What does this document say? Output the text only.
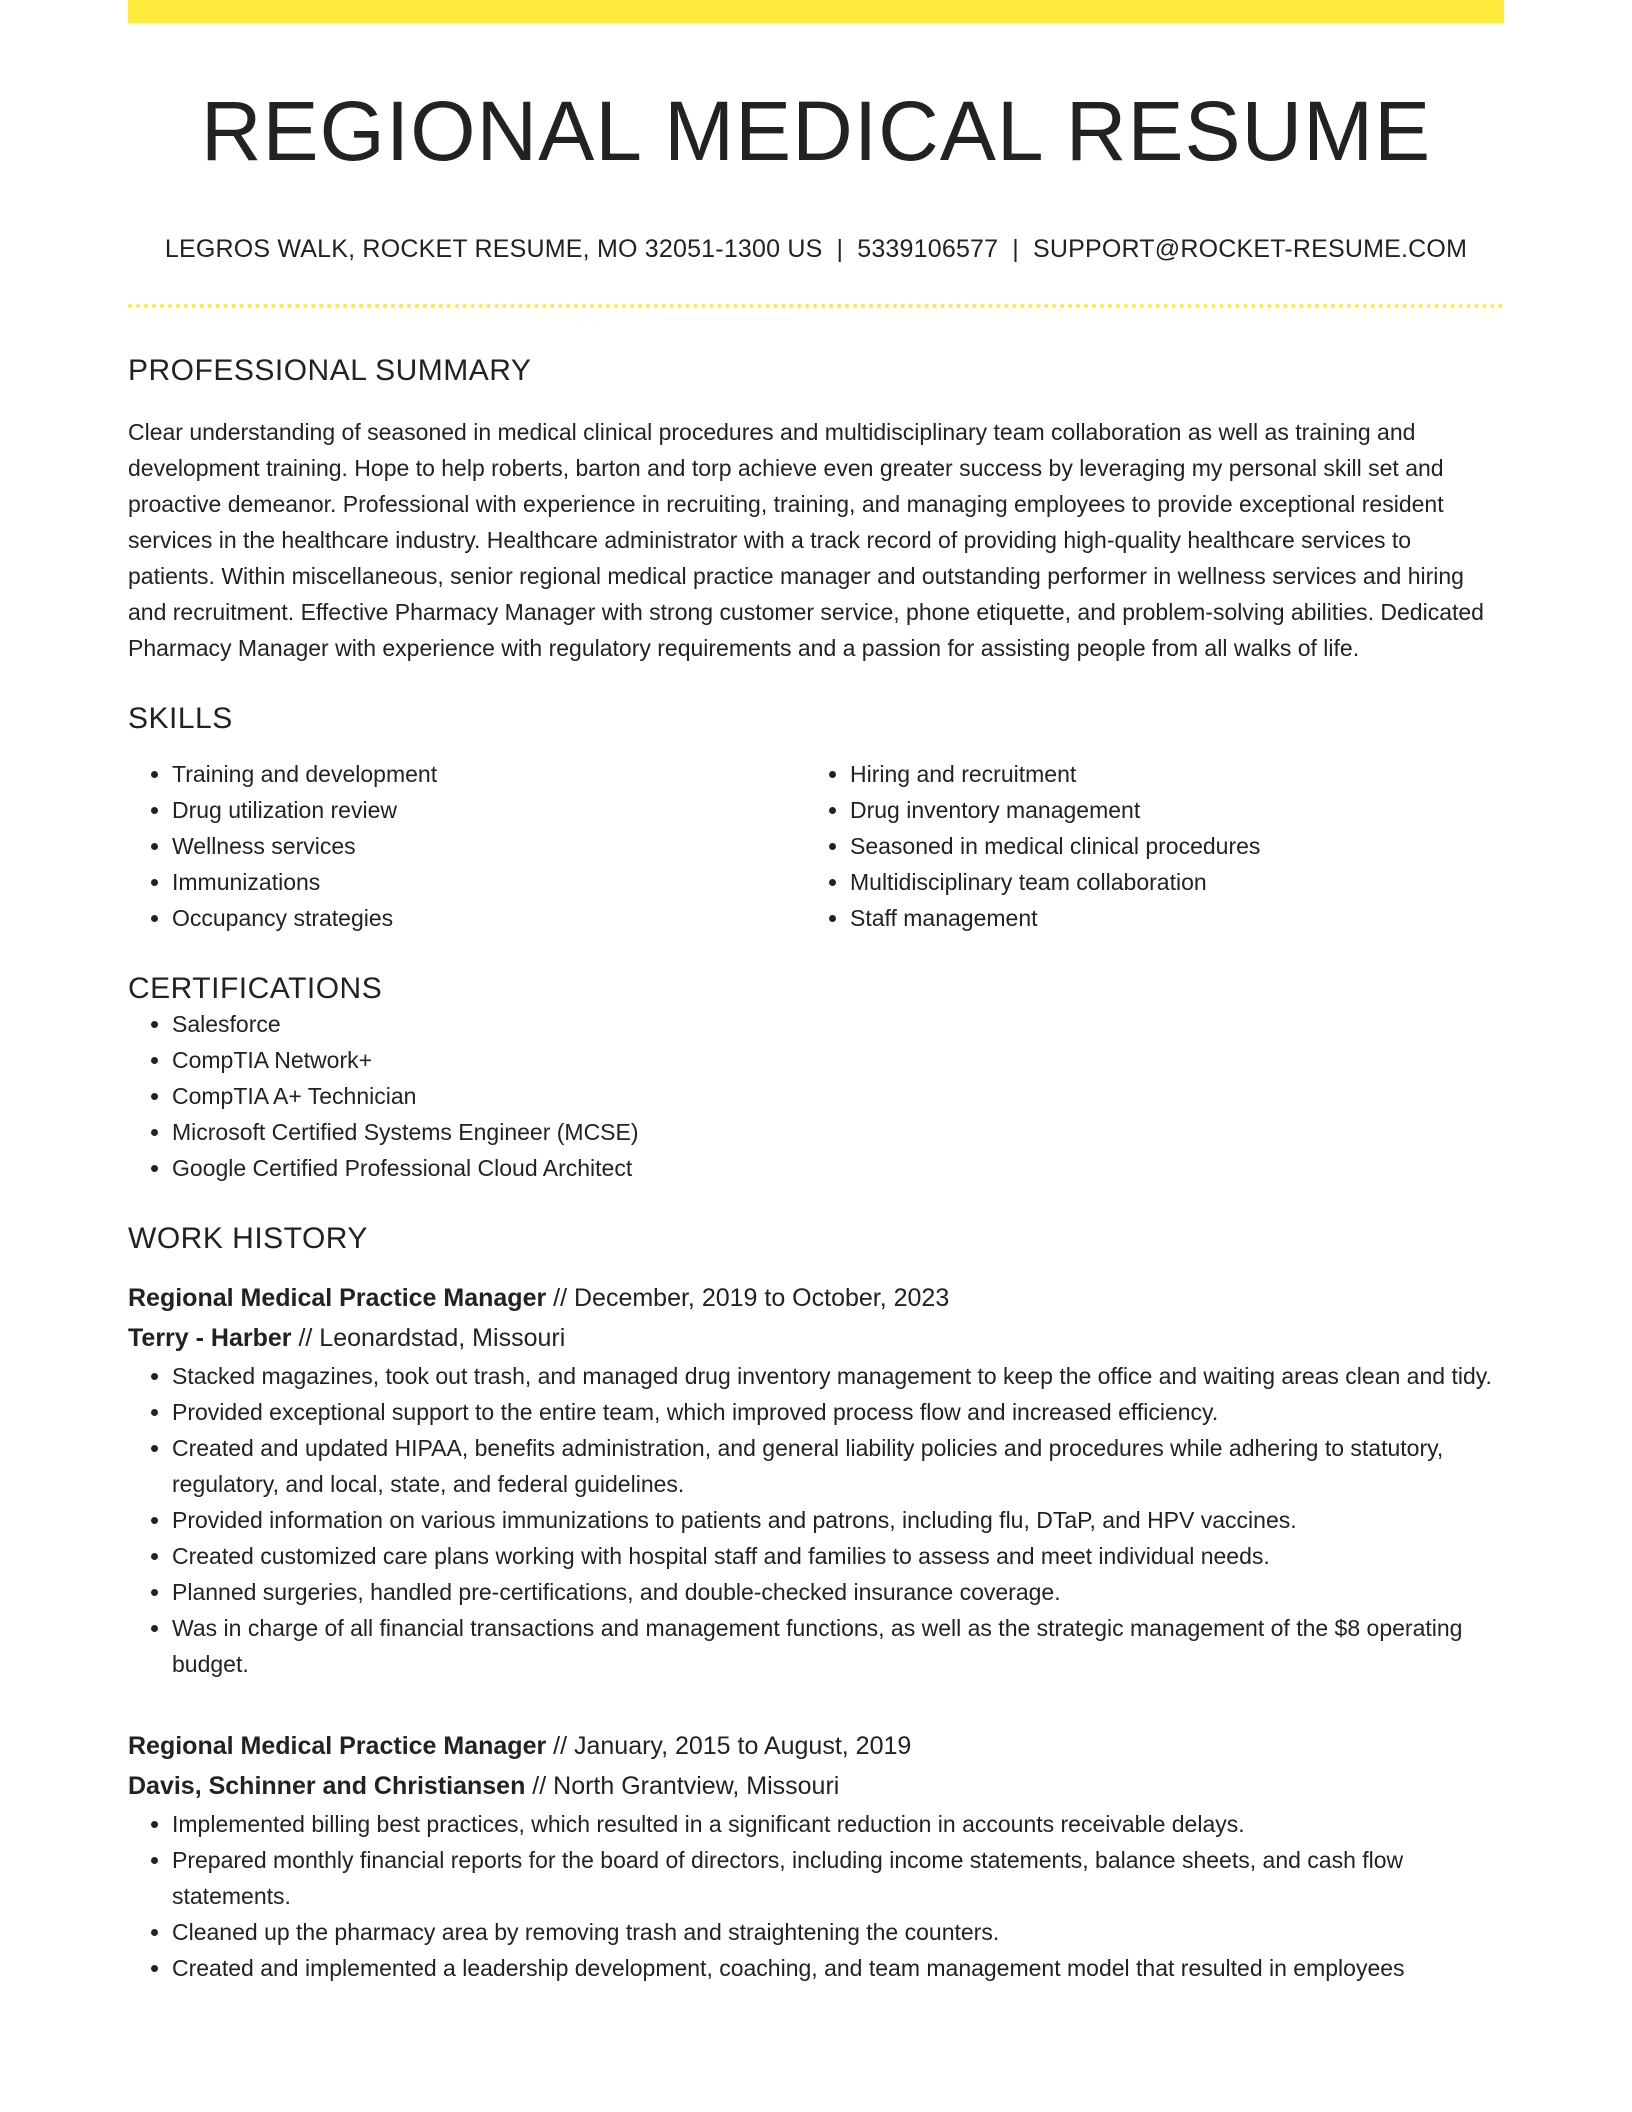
REGIONAL MEDICAL RESUME
LEGROS WALK, ROCKET RESUME, MO 32051-1300 US | 5339106577 | SUPPORT@ROCKET-RESUME.COM
PROFESSIONAL SUMMARY
Clear understanding of seasoned in medical clinical procedures and multidisciplinary team collaboration as well as training and development training. Hope to help roberts, barton and torp achieve even greater success by leveraging my personal skill set and proactive demeanor. Professional with experience in recruiting, training, and managing employees to provide exceptional resident services in the healthcare industry. Healthcare administrator with a track record of providing high-quality healthcare services to patients. Within miscellaneous, senior regional medical practice manager and outstanding performer in wellness services and hiring and recruitment. Effective Pharmacy Manager with strong customer service, phone etiquette, and problem-solving abilities. Dedicated Pharmacy Manager with experience with regulatory requirements and a passion for assisting people from all walks of life.
SKILLS
• Training and development
• Drug utilization review
• Wellness services
• Immunizations
• Occupancy strategies
• Hiring and recruitment
• Drug inventory management
• Seasoned in medical clinical procedures
• Multidisciplinary team collaboration
• Staff management
CERTIFICATIONS
• Salesforce
• CompTIA Network+
• CompTIA A+ Technician
• Microsoft Certified Systems Engineer (MCSE)
• Google Certified Professional Cloud Architect
WORK HISTORY
Regional Medical Practice Manager // December, 2019 to October, 2023
Terry - Harber // Leonardstad, Missouri
• Stacked magazines, took out trash, and managed drug inventory management to keep the office and waiting areas clean and tidy.
• Provided exceptional support to the entire team, which improved process flow and increased efficiency.
• Created and updated HIPAA, benefits administration, and general liability policies and procedures while adhering to statutory, regulatory, and local, state, and federal guidelines.
• Provided information on various immunizations to patients and patrons, including flu, DTaP, and HPV vaccines.
• Created customized care plans working with hospital staff and families to assess and meet individual needs.
• Planned surgeries, handled pre-certifications, and double-checked insurance coverage.
• Was in charge of all financial transactions and management functions, as well as the strategic management of the $8 operating budget.
Regional Medical Practice Manager // January, 2015 to August, 2019
Davis, Schinner and Christiansen // North Grantview, Missouri
• Implemented billing best practices, which resulted in a significant reduction in accounts receivable delays.
• Prepared monthly financial reports for the board of directors, including income statements, balance sheets, and cash flow statements.
• Cleaned up the pharmacy area by removing trash and straightening the counters.
• Created and implemented a leadership development, coaching, and team management model that resulted in employees
